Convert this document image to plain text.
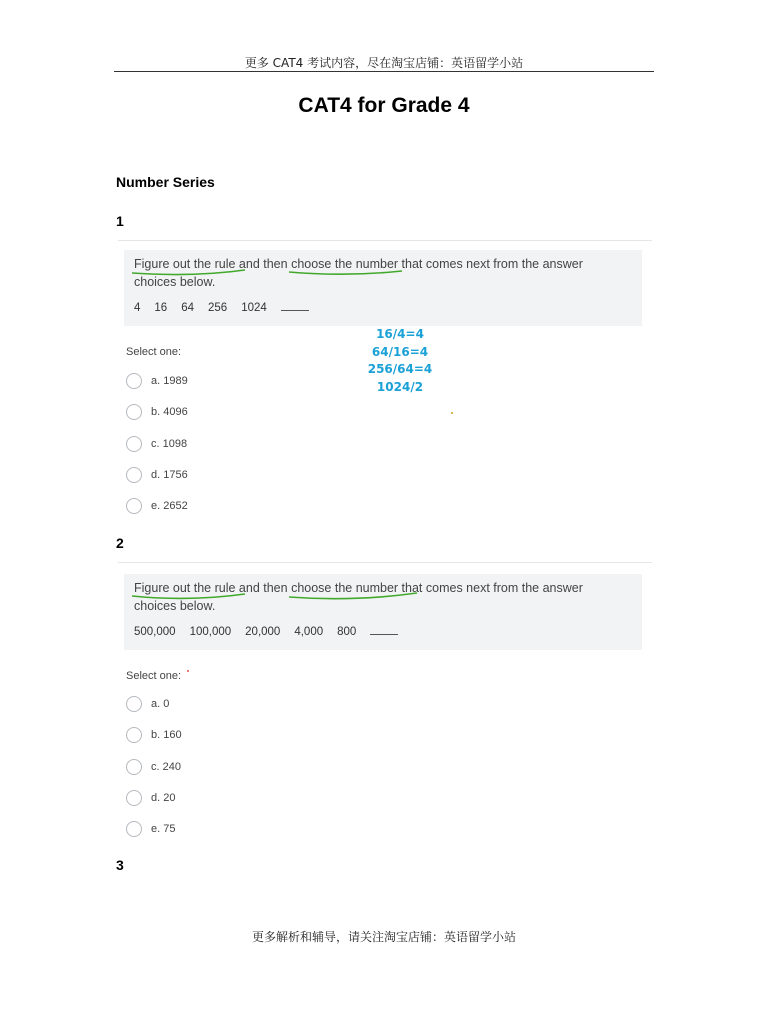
更多 CAT4 考试内容，尽在淘宝店铺：英语留学小站
CAT4 for Grade 4
Number Series
1
Figure out the rule
and then choose the number
that comes next from the answer
choices below.
4 16 64 256 1024
Select one:
a. 1989
b. 4096
c. 1098
d. 1756
e. 2652
16/4=4
64/16=4
256/64=4
1024/2
2
Figure out the rule
and then choose the number
that comes next from the answer
choices below.
500,000 100,000 20,000 4,000 800
Select one:
a. 0
b. 160
c. 240
d. 20
e. 75
3
更多解析和辅导，请关注淘宝店铺：英语留学小站
